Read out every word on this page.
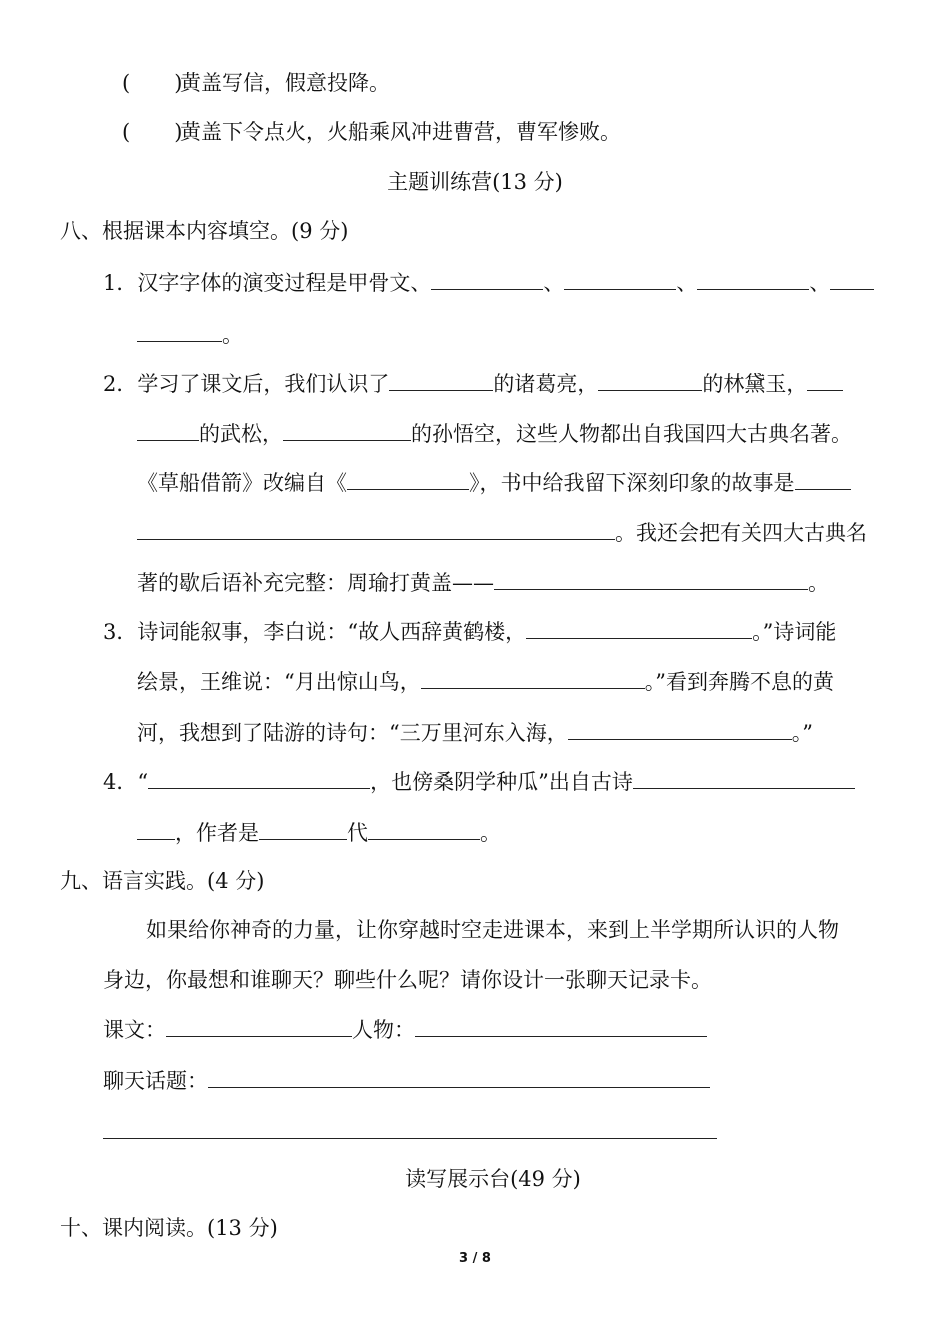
( )黄盖写信，假意投降。
( )黄盖下令点火，火船乘风冲进曹营，曹军惨败。
主题训练营(13 分)
八、根据课本内容填空。(9 分)
1．汉字字体的演变过程是甲骨文、	、	、	、
。
2．学习了课文后，我们认识了	的诸葛亮，	的林黛玉，
的武松，	的孙悟空，这些人物都出自我国四大古典名著。
《草船借箭》改编自《	》，书中给我留下深刻印象的故事是
。我还会把有关四大古典名
著的歇后语补充完整：周瑜打黄盖——	。
3．诗词能叙事，李白说：“故人西辞黄鹤楼，	。”诗词能
绘景，王维说：“月出惊山鸟，	。”看到奔腾不息的黄
河，我想到了陆游的诗句：“三万里河东入海，	。”
4．“	，也傍桑阴学种瓜”出自古诗
，作者是	代	。
九、语言实践。(4 分)
如果给你神奇的力量，让你穿越时空走进课本，来到上半学期所认识的人物
身边，你最想和谁聊天？聊些什么呢？请你设计一张聊天记录卡。
课文：	人物：
聊天话题：
读写展示台(49 分)
十、课内阅读。(13 分)
3 / 8
